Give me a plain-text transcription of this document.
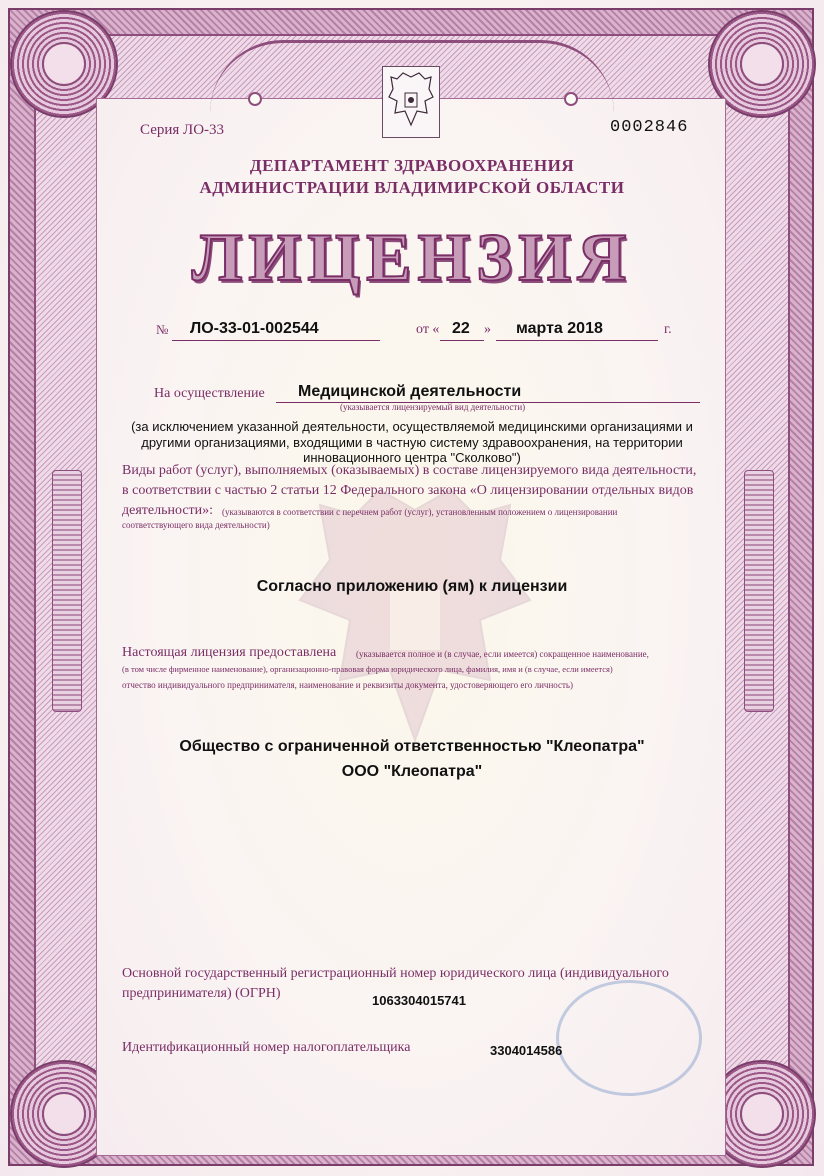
Серия ЛО-33	0002846

ДЕПАРТАМЕНТ ЗДРАВООХРАНЕНИЯ

АДМИНИСТРАЦИИ ВЛАДИМИРСКОЙ ОБЛАСТИ

ЛИЦЕНЗИЯ

№ ЛО-33-01-002544	от « 22 » марта 2018	г.

На осуществление Медицинской деятельности

(указывается лицензируемый вид деятельности)

(за исключением указанной деятельности, осуществляемой медицинскими организациями и

другими организациями, входящими в частную систему здравоохранения, на территории

инновационного центра "Сколково")

Виды работ (услуг), выполняемых (оказываемых) в составе лицензируемого вида деятельности,

в соответствии с частью 2 статьи 12 Федерального закона «О лицензировании отдельных видов

деятельности»: (указываются в соответствии с перечнем работ (услуг), установленным положением о лицензировании

соответствующего вида деятельности)

Согласно приложению (ям) к лицензии

Настоящая лицензия предоставлена (указывается полное и (в случае, если имеется) сокращенное наименование,

(в том числе фирменное наименование), организационно-правовая форма юридического лица, фамилия, имя и (в случае, если имеется)

отчество индивидуального предпринимателя, наименование и реквизиты документа, удостоверяющего его личность)

Общество с ограниченной ответственностью "Клеопатра"

ООО "Клеопатра"

Основной государственный регистрационный номер юридического лица (индивидуального

предпринимателя) (ОГРН)	1063304015741

Идентификационный номер налогоплательщика	3304014586
